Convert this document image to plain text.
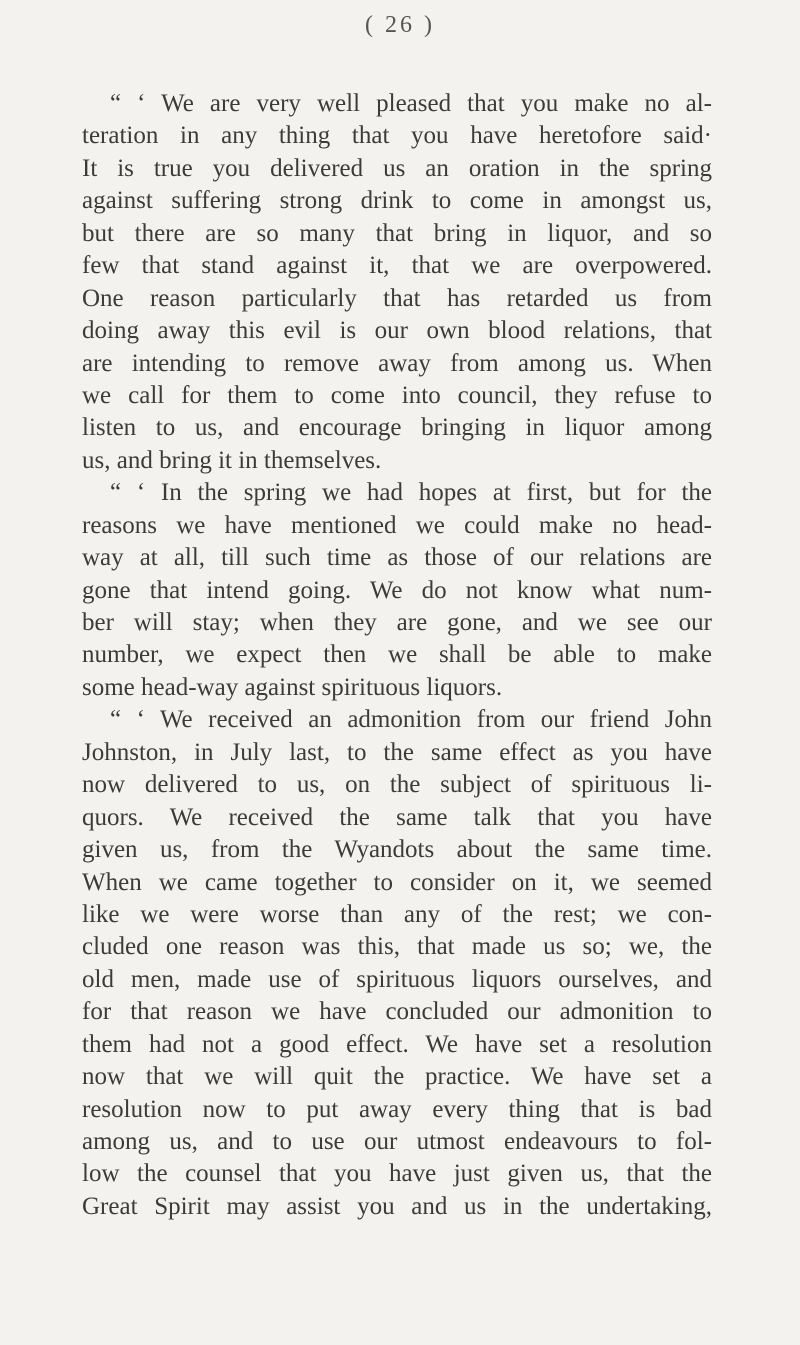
( 26 )
“ ‘ We are very well pleased that you make no al-
teration in any thing that you have heretofore said·
It is true you delivered us an oration in the spring
against suffering strong drink to come in amongst us,
but there are so many that bring in liquor, and so
few that stand against it, that we are overpowered.
One reason particularly that has retarded us from
doing away this evil is our own blood relations, that
are intending to remove away from among us. When
we call for them to come into council, they refuse to
listen to us, and encourage bringing in liquor among
us, and bring it in themselves.
“ ‘ In the spring we had hopes at first, but for the
reasons we have mentioned we could make no head-
way at all, till such time as those of our relations are
gone that intend going. We do not know what num-
ber will stay; when they are gone, and we see our
number, we expect then we shall be able to make
some head-way against spirituous liquors.
“ ‘ We received an admonition from our friend John
Johnston, in July last, to the same effect as you have
now delivered to us, on the subject of spirituous li-
quors. We received the same talk that you have
given us, from the Wyandots about the same time.
When we came together to consider on it, we seemed
like we were worse than any of the rest; we con-
cluded one reason was this, that made us so; we, the
old men, made use of spirituous liquors ourselves, and
for that reason we have concluded our admonition to
them had not a good effect. We have set a resolution
now that we will quit the practice. We have set a
resolution now to put away every thing that is bad
among us, and to use our utmost endeavours to fol-
low the counsel that you have just given us, that the
Great Spirit may assist you and us in the undertaking,
